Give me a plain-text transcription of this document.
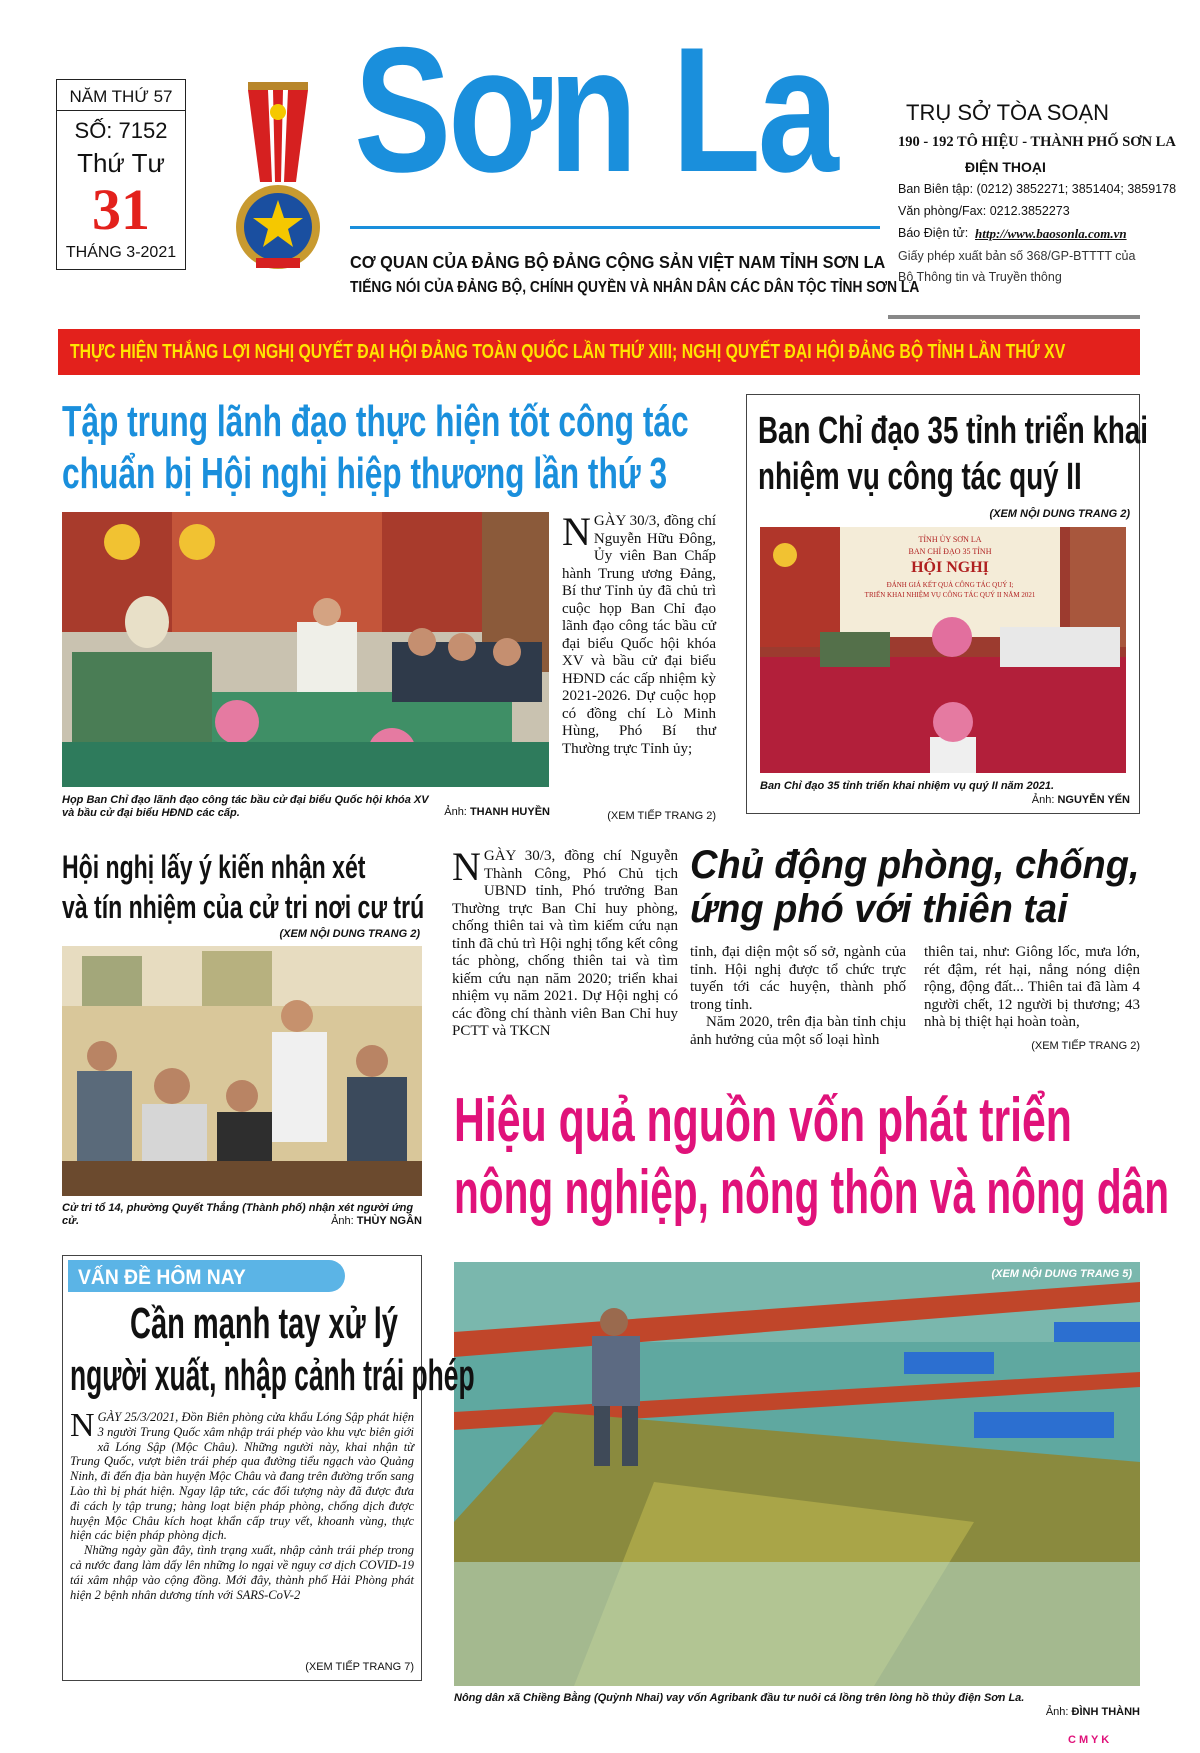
NĂM THỨ 57
SỐ: 7152
Thứ Tư
31
THÁNG 3-2021
Sơn La
CƠ QUAN CỦA ĐẢNG BỘ ĐẢNG CỘNG SẢN VIỆT NAM TỈNH SƠN LA
TIẾNG NÓI CỦA ĐẢNG BỘ, CHÍNH QUYỀN VÀ NHÂN DÂN CÁC DÂN TỘC TỈNH SƠN LA
TRỤ SỞ TÒA SOẠN
190 - 192 TÔ HIỆU - THÀNH PHỐ SƠN LA
ĐIỆN THOẠI
Ban Biên tập: (0212) 3852271; 3851404; 3859178
Văn phòng/Fax: 0212.3852273
Báo Điện tử: http://www.baosonla.com.vn
Giấy phép xuất bản số 368/GP-BTTTT của
Bộ Thông tin và Truyền thông
THỰC HIỆN THẮNG LỢI NGHỊ QUYẾT ĐẠI HỘI ĐẢNG TOÀN QUỐC LẦN THỨ XIII; NGHỊ QUYẾT ĐẠI HỘI ĐẢNG BỘ TỈNH LẦN THỨ XV
Tập trung lãnh đạo thực hiện tốt công tác
chuẩn bị Hội nghị hiệp thương lần thứ 3
NGÀY 30/3, đồng chí Nguyễn Hữu Đông, Ủy viên Ban Chấp hành Trung ương Đảng, Bí thư Tỉnh ủy đã chủ trì cuộc họp Ban Chỉ đạo lãnh đạo công tác bầu cử đại biểu Quốc hội khóa XV và bầu cử đại biểu HĐND các cấp nhiệm kỳ 2021-2026. Dự cuộc họp có đồng chí Lò Minh Hùng, Phó Bí thư Thường trực Tỉnh ủy;
Họp Ban Chỉ đạo lãnh đạo công tác bầu cử đại biểu Quốc hội khóa XV và bầu cử đại biểu HĐND các cấp.	Ảnh: THANH HUYỀN	(XEM TIẾP TRANG 2)
Ban Chỉ đạo 35 tỉnh triển khai
nhiệm vụ công tác quý II
(XEM NỘI DUNG TRANG 2)
TỈNH ỦY SƠN LA
BAN CHỈ ĐẠO 35 TỈNH
HỘI NGHỊ
ĐÁNH GIÁ KẾT QUẢ CÔNG TÁC QUÝ I;
TRIỂN KHAI NHIỆM VỤ CÔNG TÁC QUÝ II NĂM 2021
Ban Chỉ đạo 35 tỉnh triển khai nhiệm vụ quý II năm 2021.
Ảnh: NGUYỄN YẾN
Hội nghị lấy ý kiến nhận xét
và tín nhiệm của cử tri nơi cư trú
(XEM NỘI DUNG TRANG 2)
Cử tri tổ 14, phường Quyết Thắng (Thành phố) nhận xét người ứng cử.	Ảnh: THÙY NGÂN
NGÀY 30/3, đồng chí Nguyễn Thành Công, Phó Chủ tịch UBND tỉnh, Phó trưởng Ban Thường trực Ban Chỉ huy phòng, chống thiên tai và tìm kiếm cứu nạn tỉnh đã chủ trì Hội nghị tổng kết công tác phòng, chống thiên tai và tìm kiếm cứu nạn năm 2020; triển khai nhiệm vụ năm 2021. Dự Hội nghị có các đồng chí thành viên Ban Chỉ huy PCTT và TKCN
Chủ động phòng, chống,
ứng phó với thiên tai
tỉnh, đại diện một số sở, ngành của tỉnh. Hội nghị được tổ chức trực tuyến tới các huyện, thành phố trong tỉnh.
Năm 2020, trên địa bàn tỉnh chịu ảnh hưởng của một số loại hình
thiên tai, như: Giông lốc, mưa lớn, rét đậm, rét hại, nắng nóng diện rộng, động đất... Thiên tai đã làm 4 người chết, 12 người bị thương; 43 nhà bị thiệt hại hoàn toàn,
(XEM TIẾP TRANG 2)
Hiệu quả nguồn vốn phát triển
nông nghiệp, nông thôn và nông dân
(XEM NỘI DUNG TRANG 5)
Nông dân xã Chiềng Bằng (Quỳnh Nhai) vay vốn Agribank đầu tư nuôi cá lồng trên lòng hồ thủy điện Sơn La.
Ảnh: ĐÌNH THÀNH
VẤN ĐỀ HÔM NAY
Cần mạnh tay xử lý
người xuất, nhập cảnh trái phép
NGÀY 25/3/2021, Đồn Biên phòng cửa khẩu Lóng Sập phát hiện 3 người Trung Quốc xâm nhập trái phép vào khu vực biên giới xã Lóng Sập (Mộc Châu). Những người này, khai nhận từ Trung Quốc, vượt biên trái phép qua đường tiểu ngạch vào Quảng Ninh, đi đến địa bàn huyện Mộc Châu và đang trên đường trốn sang Lào thì bị phát hiện. Ngay lập tức, các đối tượng này đã được đưa đi cách ly tập trung; hàng loạt biện pháp phòng, chống dịch được huyện Mộc Châu kích hoạt khẩn cấp truy vết, khoanh vùng, thực hiện các biện pháp phòng dịch.
Những ngày gần đây, tình trạng xuất, nhập cảnh trái phép trong cả nước đang làm dấy lên những lo ngại về nguy cơ dịch COVID-19 tái xâm nhập vào cộng đồng. Mới đây, thành phố Hải Phòng phát hiện 2 bệnh nhân dương tính với SARS-CoV-2
(XEM TIẾP TRANG 7)
C M Y K
